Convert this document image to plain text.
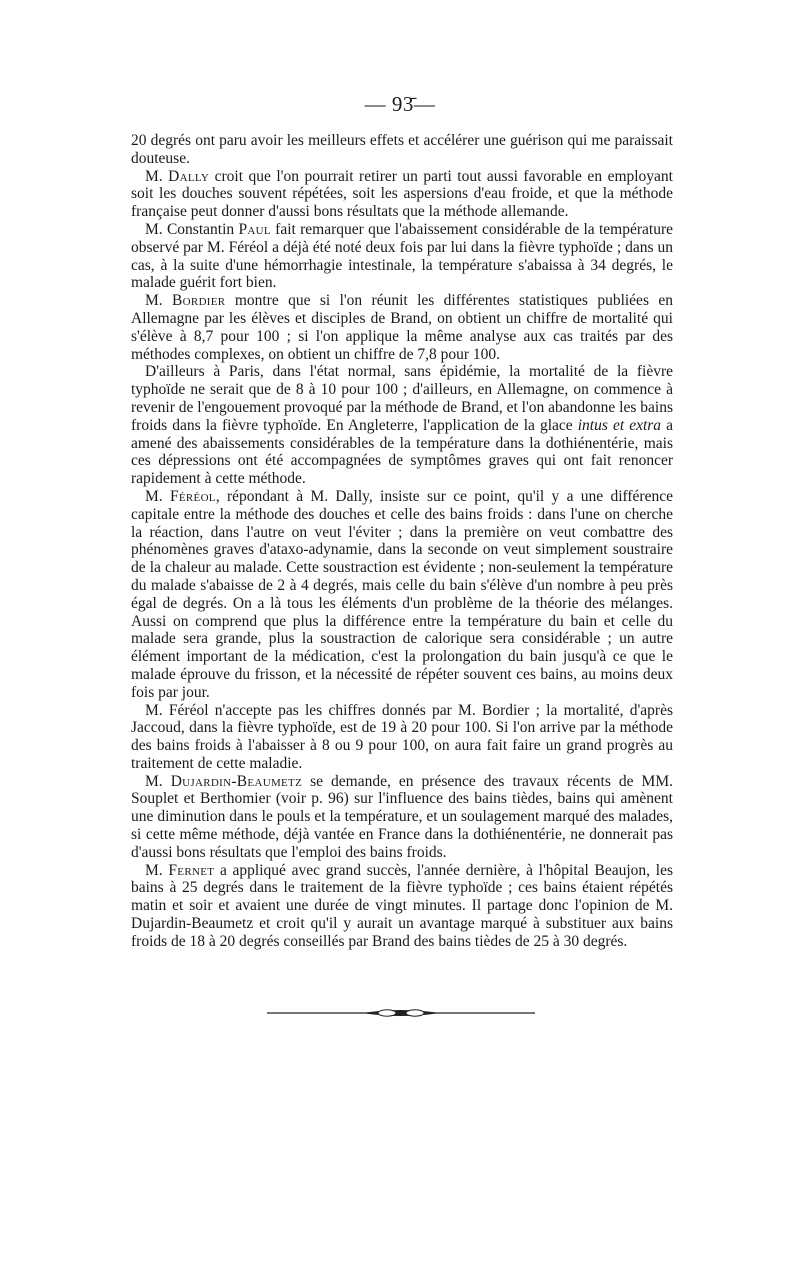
— 93̄—

20 degrés ont paru avoir les meilleurs effets et accélérer une guérison qui me paraissait douteuse.

M. Dally croit que l'on pourrait retirer un parti tout aussi favorable en employant soit les douches souvent répétées, soit les aspersions d'eau froide, et que la méthode française peut donner d'aussi bons résultats que la méthode allemande.

M. Constantin Paul fait remarquer que l'abaissement considérable de la température observé par M. Féréol a déjà été noté deux fois par lui dans la fièvre typhoïde ; dans un cas, à la suite d'une hémorrhagie intestinale, la température s'abaissa à 34 degrés, le malade guérit fort bien.

M. Bordier montre que si l'on réunit les différentes statistiques publiées en Allemagne par les élèves et disciples de Brand, on obtient un chiffre de mortalité qui s'élève à 8,7 pour 100 ; si l'on applique la même analyse aux cas traités par des méthodes complexes, on obtient un chiffre de 7,8 pour 100.

D'ailleurs à Paris, dans l'état normal, sans épidémie, la mortalité de la fièvre typhoïde ne serait que de 8 à 10 pour 100 ; d'ailleurs, en Allemagne, on commence à revenir de l'engouement provoqué par la méthode de Brand, et l'on abandonne les bains froids dans la fièvre typhoïde. En Angleterre, l'application de la glace intus et extra a amené des abaissements considérables de la température dans la dothiénentérie, mais ces dépressions ont été accompagnées de symptômes graves qui ont fait renoncer rapidement à cette méthode.

M. Féréol, répondant à M. Dally, insiste sur ce point, qu'il y a une différence capitale entre la méthode des douches et celle des bains froids : dans l'une on cherche la réaction, dans l'autre on veut l'éviter ; dans la première on veut combattre des phénomènes graves d'ataxo-adynamie, dans la seconde on veut simplement soustraire de la chaleur au malade. Cette soustraction est évidente ; non-seulement la température du malade s'abaisse de 2 à 4 degrés, mais celle du bain s'élève d'un nombre à peu près égal de degrés. On a là tous les éléments d'un problème de la théorie des mélanges. Aussi on comprend que plus la différence entre la température du bain et celle du malade sera grande, plus la soustraction de calorique sera considérable ; un autre élément important de la médication, c'est la prolongation du bain jusqu'à ce que le malade éprouve du frisson, et la nécessité de répéter souvent ces bains, au moins deux fois par jour.

M. Féréol n'accepte pas les chiffres donnés par M. Bordier ; la mortalité, d'après Jaccoud, dans la fièvre typhoïde, est de 19 à 20 pour 100. Si l'on arrive par la méthode des bains froids à l'abaisser à 8 ou 9 pour 100, on aura fait faire un grand progrès au traitement de cette maladie.

M. Dujardin-Beaumetz se demande, en présence des travaux récents de MM. Souplet et Berthomier (voir p. 96) sur l'influence des bains tièdes, bains qui amènent une diminution dans le pouls et la température, et un soulagement marqué des malades, si cette même méthode, déjà vantée en France dans la dothiénentérie, ne donnerait pas d'aussi bons résultats que l'emploi des bains froids.

M. Fernet a appliqué avec grand succès, l'année dernière, à l'hôpital Beaujon, les bains à 25 degrés dans le traitement de la fièvre typhoïde ; ces bains étaient répétés matin et soir et avaient une durée de vingt minutes. Il partage donc l'opinion de M. Dujardin-Beaumetz et croit qu'il y aurait un avantage marqué à substituer aux bains froids de 18 à 20 degrés conseillés par Brand des bains tièdes de 25 à 30 degrés.
